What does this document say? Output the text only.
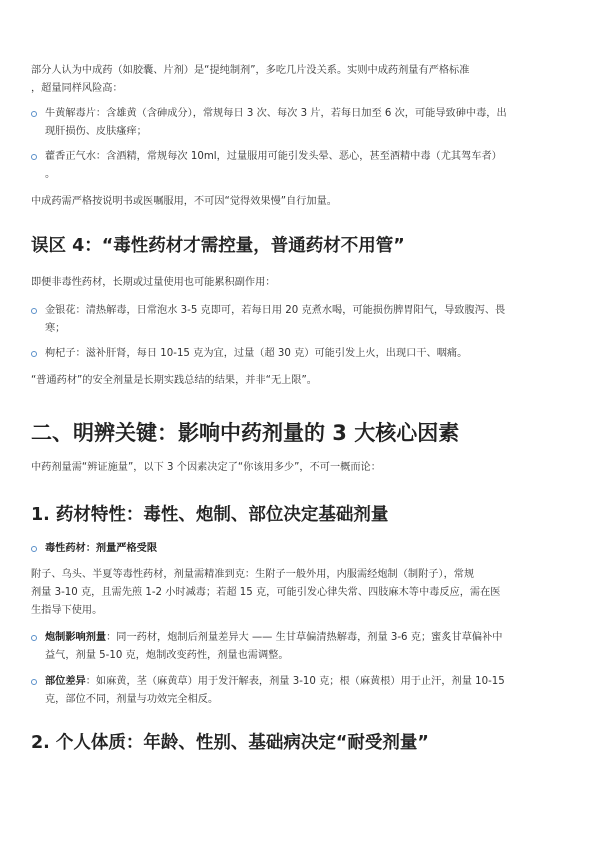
部分人认为中成药（如胶囊、片剂）是“提纯制剂”，多吃几片没关系。实则中成药剂量有严格标准
，超量同样风险高：

牛黄解毒片：含雄黄（含砷成分），常规每日 3 次、每次 3 片，若每日加至 6 次，可能导致砷中毒，出
现肝损伤、皮肤瘙痒；
藿香正气水：含酒精，常规每次 10ml，过量服用可能引发头晕、恶心，甚至酒精中毒（尤其驾车者）
。

中成药需严格按说明书或医嘱服用，不可因“觉得效果慢”自行加量。

误区 4：“毒性药材才需控量，普通药材不用管”

即便非毒性药材，长期或过量使用也可能累积副作用：

金银花：清热解毒，日常泡水 3-5 克即可，若每日用 20 克煮水喝，可能损伤脾胃阳气，导致腹泻、畏
寒；
枸杞子：滋补肝肾，每日 10-15 克为宜，过量（超 30 克）可能引发上火，出现口干、咽痛。

“普通药材”的安全剂量是长期实践总结的结果，并非“无上限”。

二、明辨关键：影响中药剂量的 3 大核心因素

中药剂量需“辨证施量”，以下 3 个因素决定了“你该用多少”，不可一概而论：

1. 药材特性：毒性、炮制、部位决定基础剂量
毒性药材：剂量严格受限

附子、乌头、半夏等毒性药材，剂量需精准到克：生附子一般外用，内服需经炮制（制附子），常规
剂量 3-10 克，且需先煎 1-2 小时减毒；若超 15 克，可能引发心律失常、四肢麻木等中毒反应，需在医
生指导下使用。

炮制影响剂量：同一药材，炮制后剂量差异大 —— 生甘草偏清热解毒，剂量 3-6 克；蜜炙甘草偏补中
益气，剂量 5-10 克，炮制改变药性，剂量也需调整。
部位差异：如麻黄，茎（麻黄草）用于发汗解表，剂量 3-10 克；根（麻黄根）用于止汗，剂量 10-15
克，部位不同，剂量与功效完全相反。
2. 个人体质：年龄、性别、基础病决定“耐受剂量”
